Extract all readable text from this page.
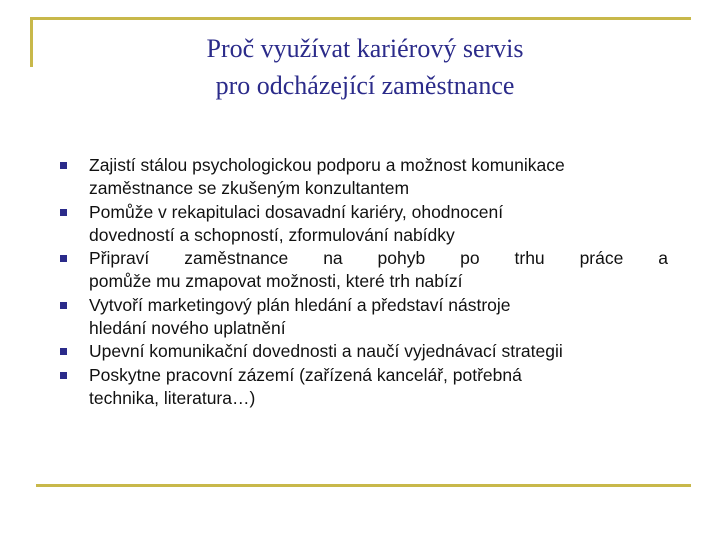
Proč využívat kariérový servis
pro odcházející zaměstnance
Zajistí stálou psychologickou podporu a možnost komunikace
zaměstnance se zkušeným konzultantem
Pomůže v rekapitulaci dosavadní kariéry, ohodnocení
dovedností a schopností, zformulování nabídky
Připraví zaměstnance na pohyb po trhu práce a
pomůže mu zmapovat možnosti, které trh nabízí
Vytvoří marketingový plán hledání a představí nástroje
hledání nového uplatnění
Upevní komunikační dovednosti a naučí vyjednávací strategii
Poskytne pracovní zázemí (zařízená kancelář, potřebná
technika, literatura…)
